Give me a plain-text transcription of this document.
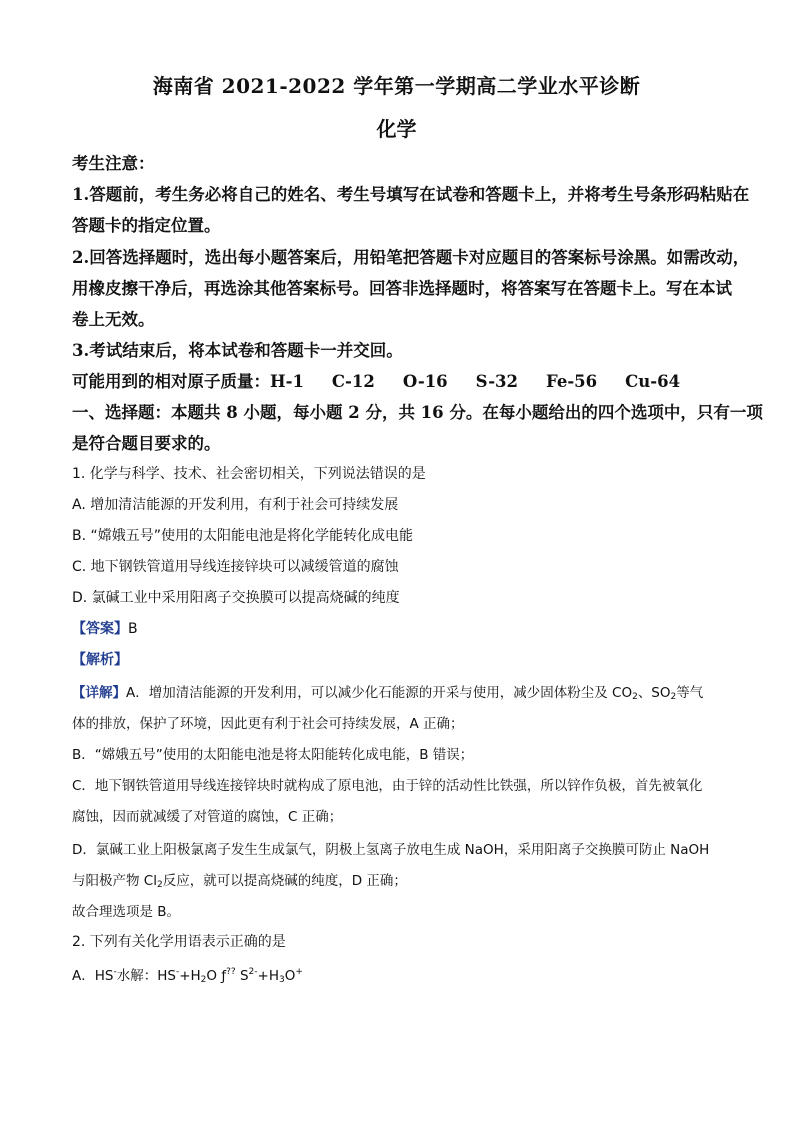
海南省 2021-2022 学年第一学期高二学业水平诊断
化学
考生注意：
1.答题前，考生务必将自己的姓名、考生号填写在试卷和答题卡上，并将考生号条形码粘贴在
答题卡的指定位置。
2.回答选择题时，选出每小题答案后，用铅笔把答题卡对应题目的答案标号涂黑。如需改动，
用橡皮擦干净后，再选涂其他答案标号。回答非选择题时，将答案写在答题卡上。写在本试
卷上无效。
3.考试结束后，将本试卷和答题卡一并交回。
可能用到的相对原子质量：H-1 C-12 O-16 S-32 Fe-56 Cu-64
一、选择题：本题共 8 小题，每小题 2 分，共 16 分。在每小题给出的四个选项中，只有一项
是符合题目要求的。
1. 化学与科学、技术、社会密切相关，下列说法错误的是
A. 增加清洁能源的开发利用，有利于社会可持续发展
B. “嫦娥五号”使用的太阳能电池是将化学能转化成电能
C. 地下钢铁管道用导线连接锌块可以减缓管道的腐蚀
D. 氯碱工业中采用阳离子交换膜可以提高烧碱的纯度
【答案】B
【解析】
【详解】A．增加清洁能源的开发利用，可以减少化石能源的开采与使用，减少固体粉尘及 $CO_2$、$SO_2$等气
体的排放，保护了环境，因此更有利于社会可持续发展，A 正确；
B．“嫦娥五号”使用的太阳能电池是将太阳能转化成电能，B 错误；
C．地下钢铁管道用导线连接锌块时就构成了原电池，由于锌的活动性比铁强，所以锌作负极，首先被氧化
腐蚀，因而就减缓了对管道的腐蚀，C 正确；
D．氯碱工业上阳极氯离子发生生成氯气，阴极上氢离子放电生成 NaOH，采用阳离子交换膜可防止 NaOH
与阳极产物 $Cl_2$反应，就可以提高烧碱的纯度，D 正确；
故合理选项是 B。
2. 下列有关化学用语表示正确的是
A．HS-水解：$HS^-+H_2O$ ƒ?? $S^{2-}+H_3O^+$
